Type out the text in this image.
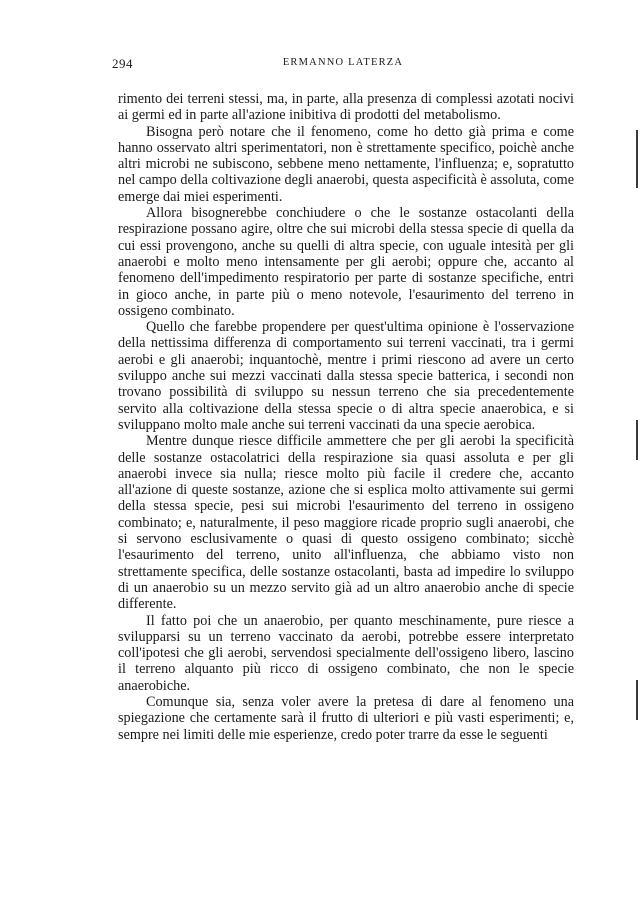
294	ERMANNO LATERZA

rimento dei terreni stessi, ma, in parte, alla presenza di complessi azotati nocivi ai germi ed in parte all'azione inibitiva di prodotti del metabolismo.

Bisogna però notare che il fenomeno, come ho detto già prima e come hanno osservato altri sperimentatori, non è strettamente specifico, poichè anche altri microbi ne subiscono, sebbene meno nettamente, l'influenza; e, sopratutto nel campo della coltivazione degli anaerobi, questa aspecificità è assoluta, come emerge dai miei esperimenti.

Allora bisognerebbe conchiudere o che le sostanze ostacolanti della respirazione possano agire, oltre che sui microbi della stessa specie di quella da cui essi provengono, anche su quelli di altra specie, con uguale intesità per gli anaerobi e molto meno intensamente per gli aerobi; oppure che, accanto al fenomeno dell'impedimento respiratorio per parte di sostanze specifiche, entri in gioco anche, in parte più o meno notevole, l'esaurimento del terreno in ossigeno combinato.

Quello che farebbe propendere per quest'ultima opinione è l'osservazione della nettissima differenza di comportamento sui terreni vaccinati, tra i germi aerobi e gli anaerobi; inquantochè, mentre i primi riescono ad avere un certo sviluppo anche sui mezzi vaccinati dalla stessa specie batterica, i secondi non trovano possibilità di sviluppo su nessun terreno che sia precedentemente servito alla coltivazione della stessa specie o di altra specie anaerobica, e si sviluppano molto male anche sui terreni vaccinati da una specie aerobica.

Mentre dunque riesce difficile ammettere che per gli aerobi la specificità delle sostanze ostacolatrici della respirazione sia quasi assoluta e per gli anaerobi invece sia nulla; riesce molto più facile il credere che, accanto all'azione di queste sostanze, azione che si esplica molto attivamente sui germi della stessa specie, pesi sui microbi l'esaurimento del terreno in ossigeno combinato; e, naturalmente, il peso maggiore ricade proprio sugli anaerobi, che si servono esclusivamente o quasi di questo ossigeno combinato; sicchè l'esaurimento del terreno, unito all'influenza, che abbiamo visto non strettamente specifica, delle sostanze ostacolanti, basta ad impedire lo sviluppo di un anaerobio su un mezzo servito già ad un altro anaerobio anche di specie differente.

Il fatto poi che un anaerobio, per quanto meschinamente, pure riesce a svilupparsi su un terreno vaccinato da aerobi, potrebbe essere interpretato coll'ipotesi che gli aerobi, servendosi specialmente dell'ossigeno libero, lascino il terreno alquanto più ricco di ossigeno combinato, che non le specie anaerobiche.

Comunque sia, senza voler avere la pretesa di dare al fenomeno una spiegazione che certamente sarà il frutto di ulteriori e più vasti esperimenti; e, sempre nei limiti delle mie esperienze, credo poter trarre da esse le seguenti
